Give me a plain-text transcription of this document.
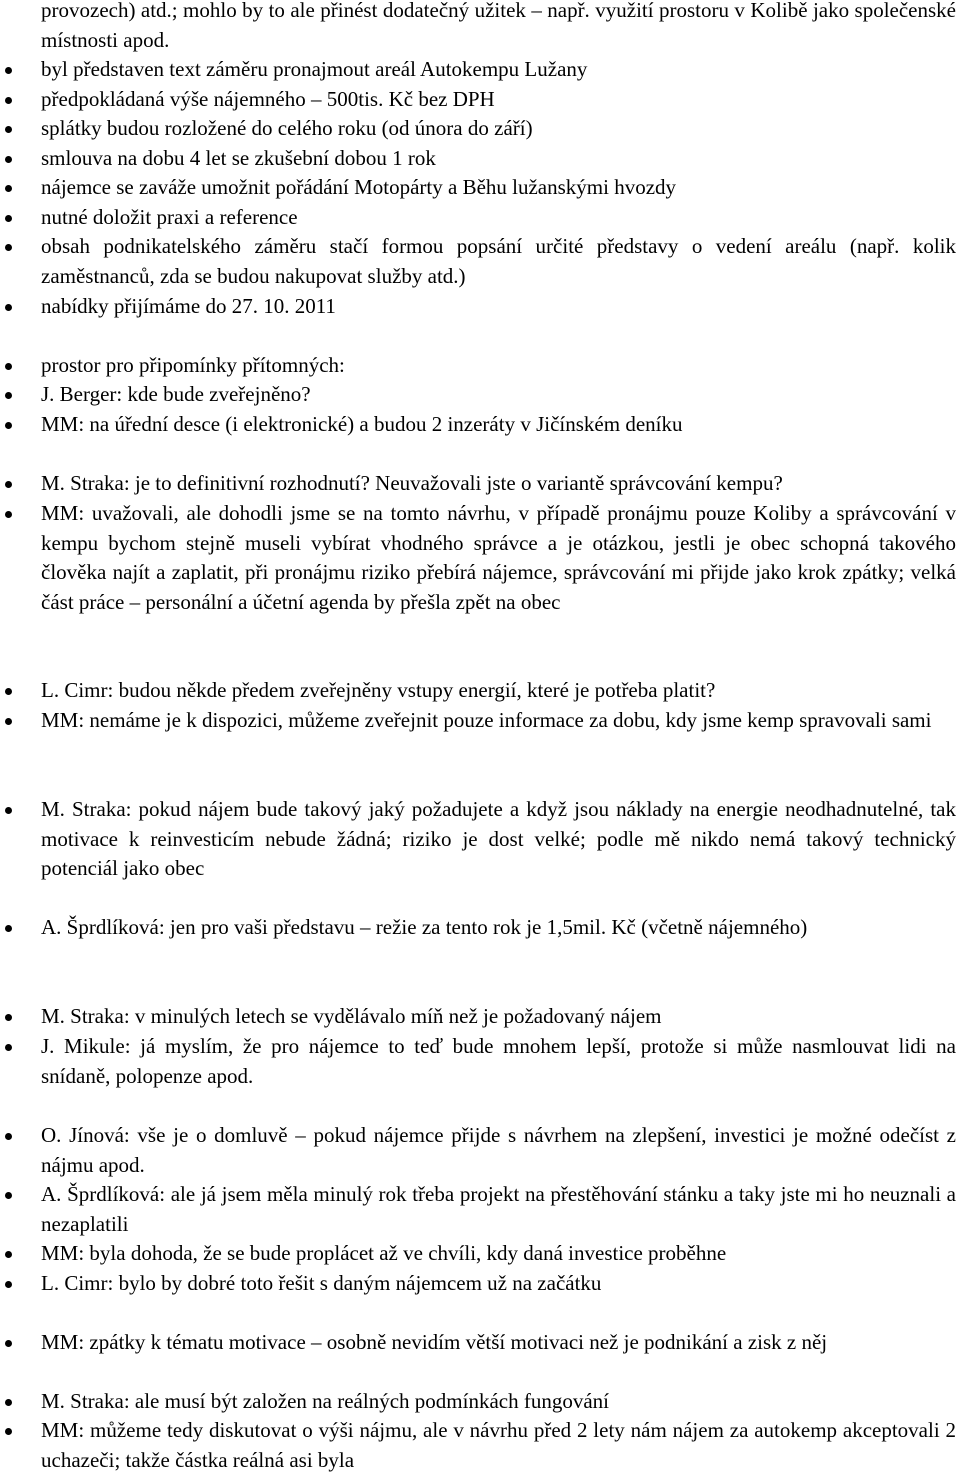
provozech) atd.; mohlo by to ale přinést dodatečný užitek – např. využití prostoru v Kolibě jako společenské místnosti apod.

byl představen text záměru pronajmout areál Autokempu Lužany
předpokládaná výše nájemného – 500tis. Kč bez DPH
splátky budou rozložené do celého roku (od února do září)
smlouva na dobu 4 let se zkušební dobou 1 rok
nájemce se zaváže umožnit pořádání Motopárty a Běhu lužanskými hvozdy
nutné doložit praxi a reference
obsah podnikatelského záměru stačí formou popsání určité představy o vedení areálu (např. kolik zaměstnanců, zda se budou nakupovat služby atd.)
nabídky přijímáme do 27. 10. 2011
prostor pro připomínky přítomných:
J. Berger: kde bude zveřejněno?
MM: na úřední desce (i elektronické) a budou 2 inzeráty v Jičínském deníku
M. Straka: je to definitivní rozhodnutí? Neuvažovali jste o variantě správcování kempu?
MM: uvažovali, ale dohodli jsme se na tomto návrhu, v případě pronájmu pouze Koliby a správcování v kempu bychom stejně museli vybírat vhodného správce a je otázkou, jestli je obec schopná takového člověka najít a zaplatit, při pronájmu riziko přebírá nájemce, správcování mi přijde jako krok zpátky; velká část práce – personální a účetní agenda by přešla zpět na obec
L. Cimr: budou někde předem zveřejněny vstupy energií, které je potřeba platit?
MM: nemáme je k dispozici, můžeme zveřejnit pouze informace za dobu, kdy jsme kemp spravovali sami
M. Straka: pokud nájem bude takový jaký požadujete a když jsou náklady na energie neodhadnutelné, tak motivace k reinvesticím nebude žádná; riziko je dost velké; podle mě nikdo nemá takový technický potenciál jako obec
A. Šprdlíková: jen pro vaši představu – režie za tento rok je 1,5mil. Kč (včetně nájemného)
M. Straka: v minulých letech se vydělávalo míň než je požadovaný nájem
J. Mikule: já myslím, že pro nájemce to teď bude mnohem lepší, protože si může nasmlouvat lidi na snídaně, polopenze apod.
O. Jínová: vše je o domluvě – pokud nájemce přijde s návrhem na zlepšení, investici je možné odečíst z nájmu apod.
A. Šprdlíková: ale já jsem měla minulý rok třeba projekt na přestěhování stánku a taky jste mi ho neuznali a nezaplatili
MM: byla dohoda, že se bude proplácet až ve chvíli, kdy daná investice proběhne
L. Cimr: bylo by dobré toto řešit s daným nájemcem už na začátku
MM: zpátky k tématu motivace – osobně nevidím větší motivaci než je podnikání a zisk z něj
M. Straka: ale musí být založen na reálných podmínkách fungování
MM: můžeme tedy diskutovat o výši nájmu, ale v návrhu před 2 lety nám nájem za autokemp akceptovali 2 uchazeči; takže částka reálná asi byla
